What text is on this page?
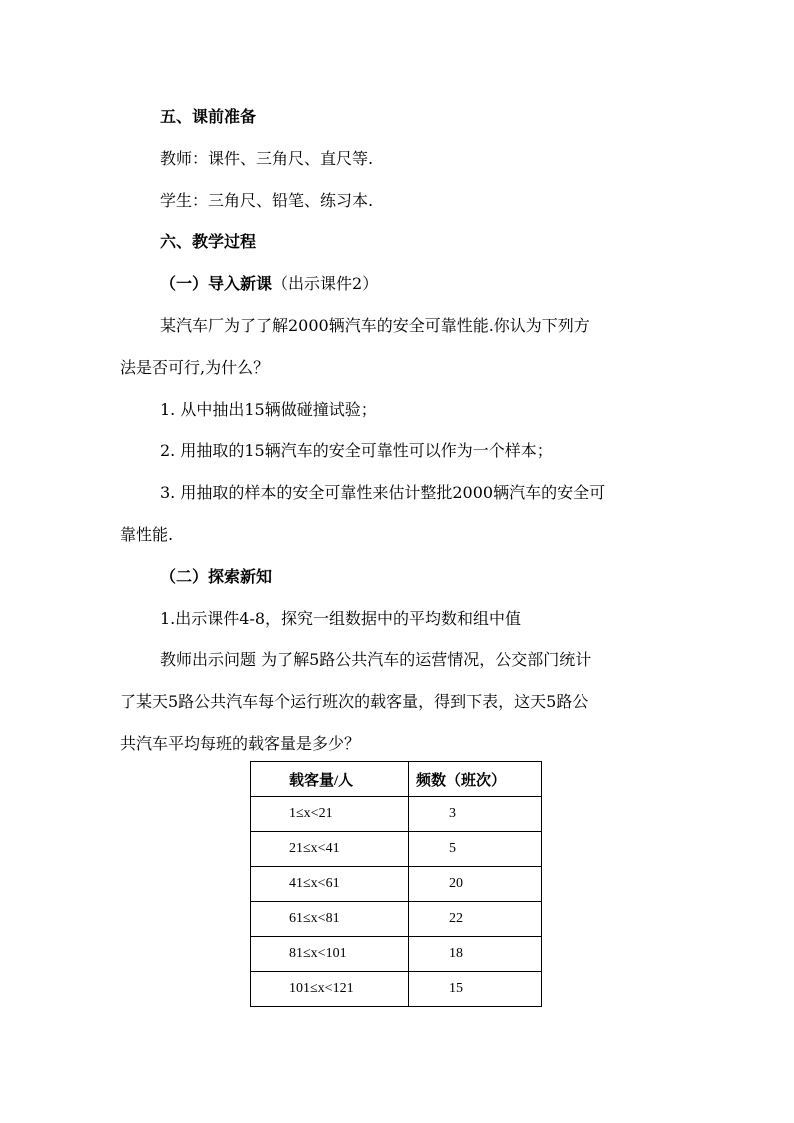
五、课前准备
教师：课件、三角尺、直尺等.
学生：三角尺、铅笔、练习本.
六、教学过程
（一）导入新课（出示课件2）
某汽车厂为了了解2000辆汽车的安全可靠性能.你认为下列方
法是否可行,为什么？
1. 从中抽出15辆做碰撞试验；
2. 用抽取的15辆汽车的安全可靠性可以作为一个样本；
3. 用抽取的样本的安全可靠性来估计整批2000辆汽车的安全可
靠性能.
（二）探索新知
1.出示课件4-8，探究一组数据中的平均数和组中值
教师出示问题 为了解5路公共汽车的运营情况，公交部门统计
了某天5路公共汽车每个运行班次的载客量，得到下表，这天5路公
共汽车平均每班的载客量是多少？
载客量/人	频数（班次）
1≤x<21	3
21≤x<41	5
41≤x<61	20
61≤x<81	22
81≤x<101	18
101≤x<121	15
